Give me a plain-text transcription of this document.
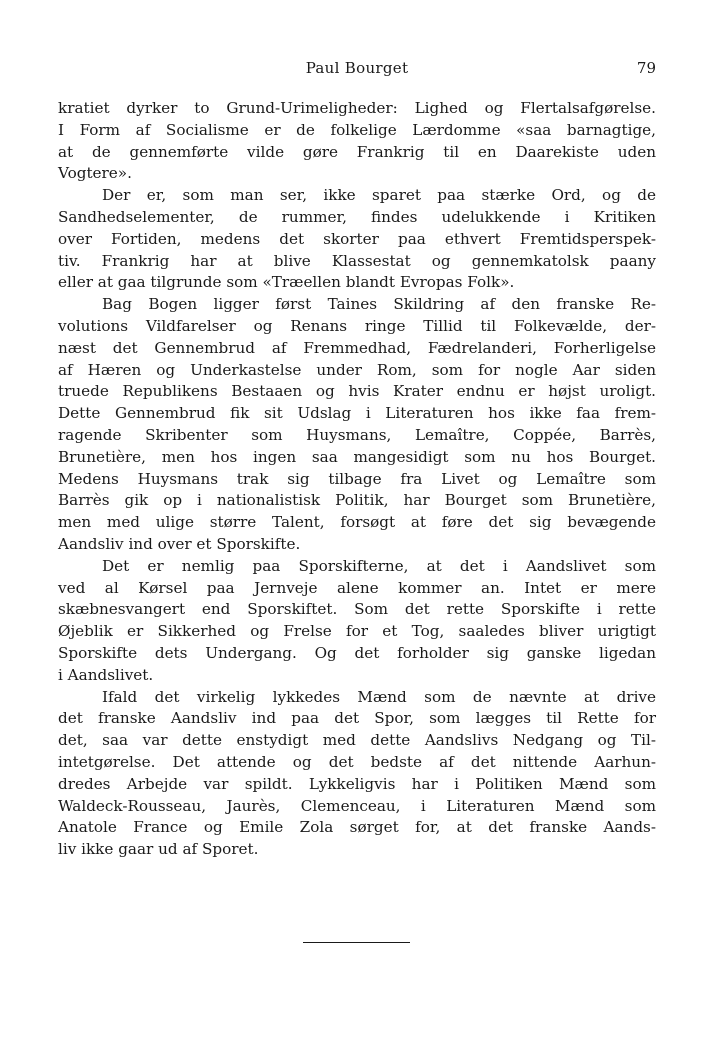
Paul Bourget	79
kratiet dyrker to Grund-Urimeligheder: Lighed og Flertalsafgørelse.
I Form af Socialisme er de folkelige Lærdomme «saa barnagtige,
at de gennemførte vilde gøre Frankrig til en Daarekiste uden
Vogtere».
Der er, som man ser, ikke sparet paa stærke Ord, og de
Sandhedselementer, de rummer, findes udelukkende i Kritiken
over Fortiden, medens det skorter paa ethvert Fremtidsperspek-
tiv. Frankrig har at blive Klassestat og gennemkatolsk paany
eller at gaa tilgrunde som «Træellen blandt Evropas Folk».
Bag Bogen ligger først Taines Skildring af den franske Re-
volutions Vildfarelser og Renans ringe Tillid til Folkevælde, der-
næst det Gennembrud af Fremmedhad, Fædrelanderi, Forherligelse
af Hæren og Underkastelse under Rom, som for nogle Aar siden
truede Republikens Bestaaen og hvis Krater endnu er højst uroligt.
Dette Gennembrud fik sit Udslag i Literaturen hos ikke faa frem-
ragende Skribenter som Huysmans, Lemaître, Coppée, Barrès,
Brunetière, men hos ingen saa mangesidigt som nu hos Bourget.
Medens Huysmans trak sig tilbage fra Livet og Lemaître som
Barrès gik op i nationalistisk Politik, har Bourget som Brunetière,
men med ulige større Talent, forsøgt at føre det sig bevægende
Aandsliv ind over et Sporskifte.
Det er nemlig paa Sporskifterne, at det i Aandslivet som
ved al Kørsel paa Jernveje alene kommer an. Intet er mere
skæbnesvangert end Sporskiftet. Som det rette Sporskifte i rette
Øjeblik er Sikkerhed og Frelse for et Tog, saaledes bliver urigtigt
Sporskifte dets Undergang. Og det forholder sig ganske ligedan
i Aandslivet.
Ifald det virkelig lykkedes Mænd som de nævnte at drive
det franske Aandsliv ind paa det Spor, som lægges til Rette for
det, saa var dette enstydigt med dette Aandslivs Nedgang og Til-
intetgørelse. Det attende og det bedste af det nittende Aarhun-
dredes Arbejde var spildt. Lykkeligvis har i Politiken Mænd som
Waldeck-Rousseau, Jaurès, Clemenceau, i Literaturen Mænd som
Anatole France og Emile Zola sørget for, at det franske Aands-
liv ikke gaar ud af Sporet.
